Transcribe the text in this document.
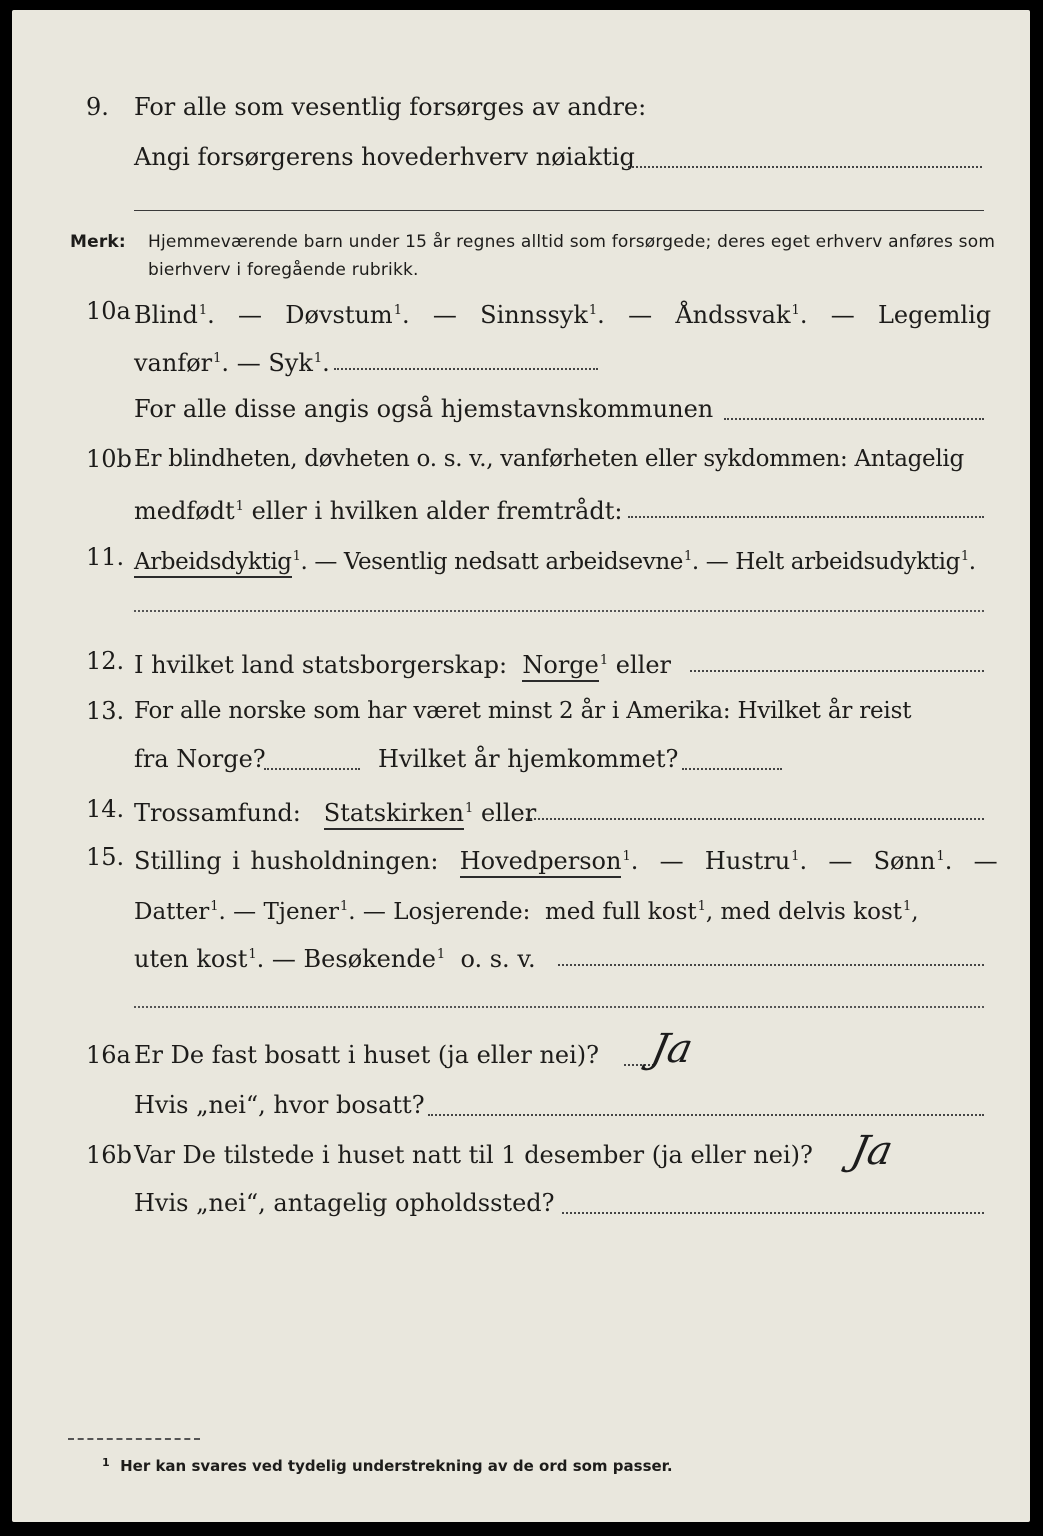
9. For alle som vesentlig forsørges av andre:
Angi forsørgerens hovederhverv nøiaktig
Merk: Hjemmeværende barn under 15 år regnes alltid som forsørgede; deres eget erhverv anføres som bierhverv i foregående rubrikk.
10a Blind$^1$.  — Døvstum$^1$.  — Sinnssyk$^1$.  — Åndssvak$^1$.  — Legemlig
vanfør$^1$. — Syk$^1$.
For alle disse angis også hjemstavnskommunen
10b Er blindheten, døvheten o. s. v., vanførheten eller sykdommen: Antagelig
medfødt$^1$ eller i hvilken alder fremtrådt:
11. Arbeidsdyktig$^1$. — Vesentlig nedsatt arbeidsevne$^1$. — Helt arbeidsudyktig$^1$.
12. I hvilket land statsborgerskap: Norge$^1$ eller
13. For alle norske som har været minst 2 år i Amerika: Hvilket år reist
fra Norge?	Hvilket år hjemkommet?
14. Trossamfund: Statskirken$^1$ eller
15. Stilling i husholdningen: Hovedperson$^1$.  — Hustru$^1$.  — Sønn$^1$.  —
Datter$^1$. — Tjener$^1$. — Losjerende: med full kost$^1$, med delvis kost$^1$,
uten kost$^1$. — Besøkende$^1$ o. s. v.
16a Er De fast bosatt i huset (ja eller nei)? Ja
Hvis „nei“, hvor bosatt?
16b Var De tilstede i huset natt til 1 desember (ja eller nei)? Ja
Hvis „nei“, antagelig opholdssted?
$^1$ Her kan svares ved tydelig understrekning av de ord som passer.
